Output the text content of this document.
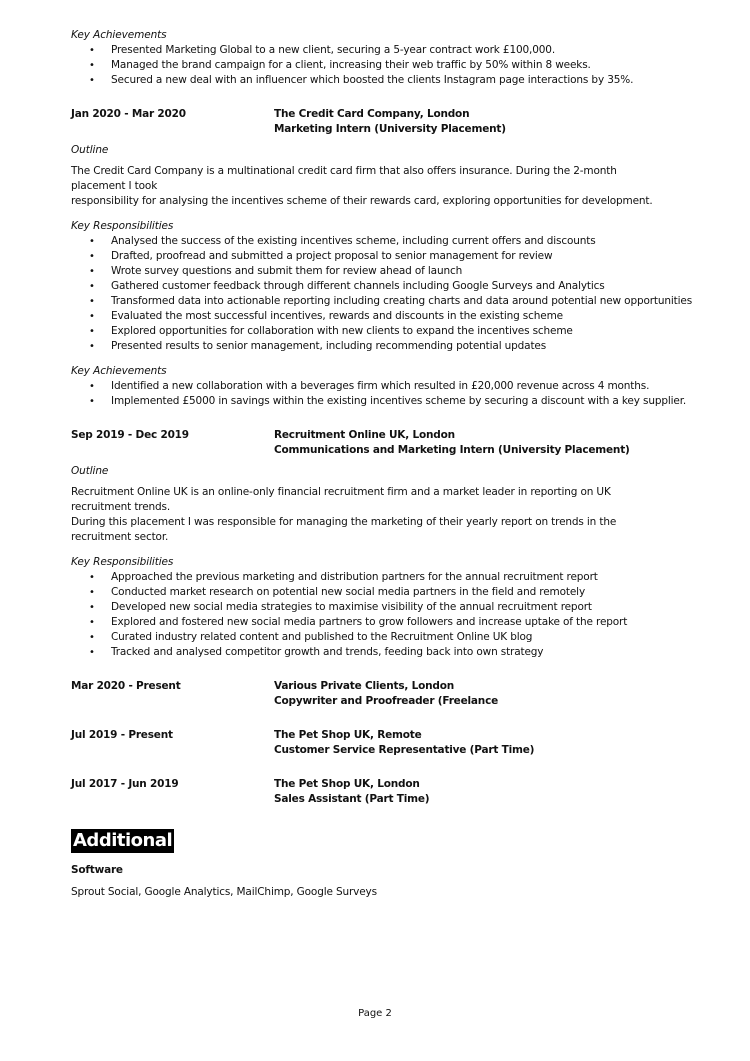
Key Achievements

• Presented Marketing Global to a new client, securing a 5-year contract work £100,000.
• Managed the brand campaign for a client, increasing their web traffic by 50% within 8 weeks.
• Secured a new deal with an influencer which boosted the clients Instagram page interactions by 35%.
Jan 2020 - Mar 2020	The Credit Card Company, London
Marketing Intern (University Placement)

Outline

The Credit Card Company is a multinational credit card firm that also offers insurance. During the 2-month placement I took

responsibility for analysing the incentives scheme of their rewards card, exploring opportunities for development.

Key Responsibilities

• Analysed the success of the existing incentives scheme, including current offers and discounts
• Drafted, proofread and submitted a project proposal to senior management for review
• Wrote survey questions and submit them for review ahead of launch
• Gathered customer feedback through different channels including Google Surveys and Analytics
• Transformed data into actionable reporting including creating charts and data around potential new opportunities
• Evaluated the most successful incentives, rewards and discounts in the existing scheme
• Explored opportunities for collaboration with new clients to expand the incentives scheme
• Presented results to senior management, including recommending potential updates

Key Achievements

• Identified a new collaboration with a beverages firm which resulted in £20,000 revenue across 4 months.
• Implemented £5000 in savings within the existing incentives scheme by securing a discount with a key supplier.
Sep 2019 - Dec 2019	Recruitment Online UK, London
Communications and Marketing Intern (University Placement)

Outline

Recruitment Online UK is an online-only financial recruitment firm and a market leader in reporting on UK recruitment trends.

During this placement I was responsible for managing the marketing of their yearly report on trends in the recruitment sector.

Key Responsibilities

• Approached the previous marketing and distribution partners for the annual recruitment report
• Conducted market research on potential new social media partners in the field and remotely
• Developed new social media strategies to maximise visibility of the annual recruitment report
• Explored and fostered new social media partners to grow followers and increase uptake of the report
• Curated industry related content and published to the Recruitment Online UK blog
• Tracked and analysed competitor growth and trends, feeding back into own strategy
Mar 2020 - Present	Various Private Clients, London
Copywriter and Proofreader (Freelance
Jul 2019 - Present	The Pet Shop UK, Remote
Customer Service Representative (Part Time)
Jul 2017 - Jun 2019	The Pet Shop UK, London
Sales Assistant (Part Time)
Additional

Software

Sprout Social, Google Analytics, MailChimp, Google Surveys

Page 2
